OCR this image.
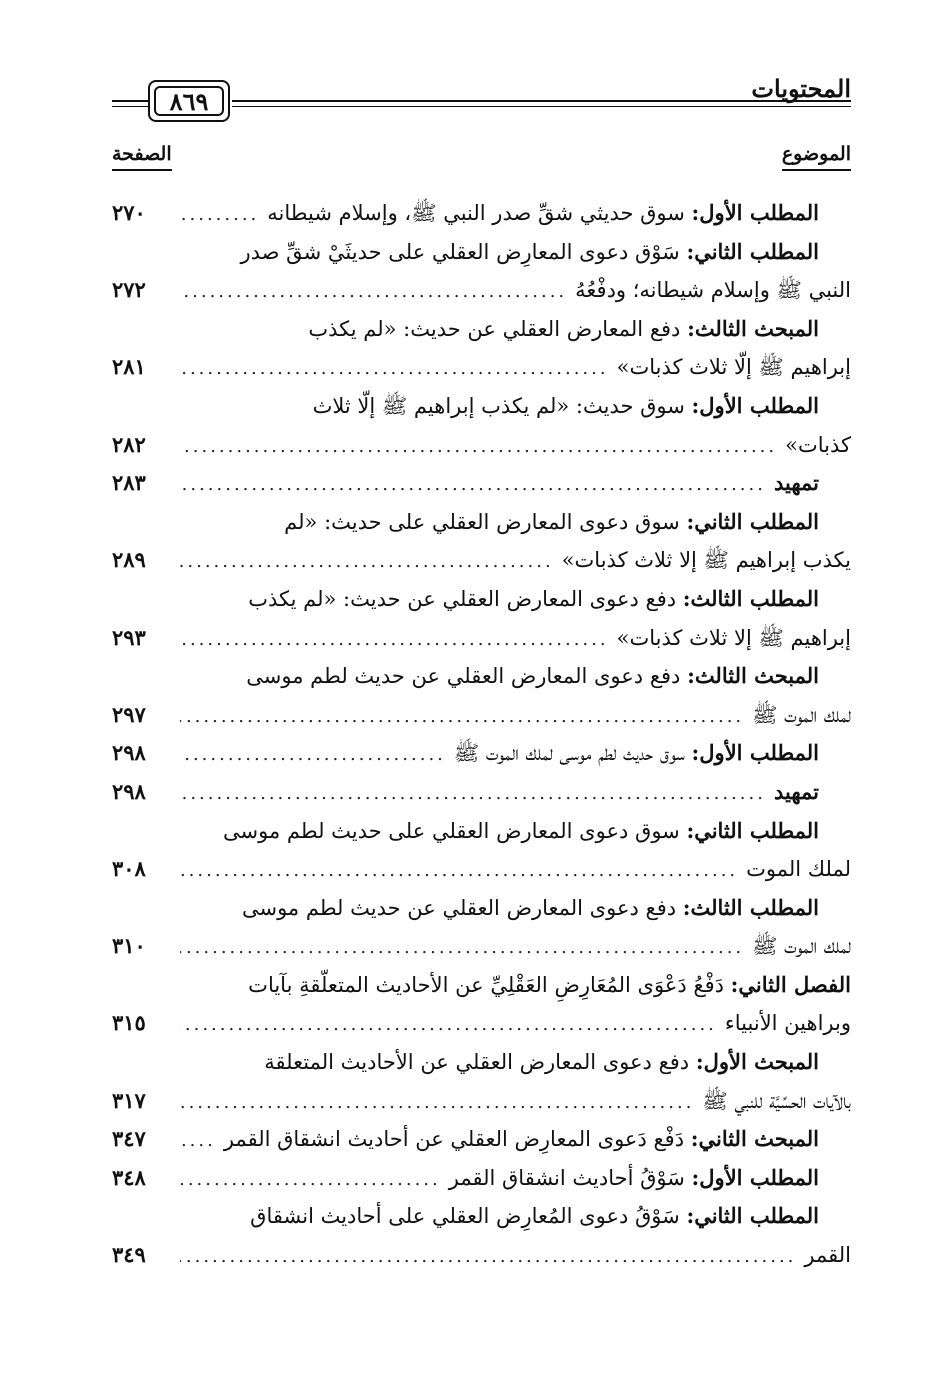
المحتويات
٨٦٩
الموضوع
الصفحة
المطلب الأول: سوق حديثي شقِّ صدر النبي ﷺ، وإسلام شيطانه
.....
٢٧٠
المطلب الثاني: سَوْق دعوى المعارِض العقلي على حديثَيْ شقِّ صدر
النبي ﷺ وإسلام شيطانه؛ ودفْعُهُ
.....
٢٧٢
المبحث الثالث: دفع المعارض العقلي عن حديث: «لم يكذب
إبراهيم ﷺ إلّا ثلاث كذبات»
.....
٢٨١
المطلب الأول: سوق حديث: «لم يكذب إبراهيم ﷺ إلّا ثلاث
كذبات»
.....
٢٨٢
تمهيد
.....
٢٨٣
المطلب الثاني: سوق دعوى المعارض العقلي على حديث: «لم
يكذب إبراهيم ﷺ إلا ثلاث كذبات»
.....
٢٨٩
المطلب الثالث: دفع دعوى المعارض العقلي عن حديث: «لم يكذب
إبراهيم ﷺ إلا ثلاث كذبات»
.....
٢٩٣
المبحث الثالث: دفع دعوى المعارض العقلي عن حديث لطم موسى
لملك الموت ﷺ
.....
٢٩٧
المطلب الأول: سوق حديث لطم موسى لملك الموت ﷺ
.....
٢٩٨
تمهيد
.....
٢٩٨
المطلب الثاني: سوق دعوى المعارض العقلي على حديث لطم موسى
لملك الموت
.....
٣٠٨
المطلب الثالث: دفع دعوى المعارض العقلي عن حديث لطم موسى
لملك الموت ﷺ
.....
٣١٠
الفصل الثاني: دَفْعُ دَعْوَى المُعَارِضِ العَقْلِيِّ عن الأحاديث المتعلّقةِ بآيات
وبراهين الأنبياء
.....
٣١٥
المبحث الأول: دفع دعوى المعارض العقلي عن الأحاديث المتعلقة
بالآيات الحسِّيَّة للنبي ﷺ
.....
٣١٧
المبحث الثاني: دَفْع دَعوى المعارِض العقلي عن أحاديث انشقاق القمر
.....
٣٤٧
المطلب الأول: سَوْقُ أحاديث انشقاق القمر
.....
٣٤٨
المطلب الثاني: سَوْقُ دعوى المُعارِض العقلي على أحاديث انشقاق
القمر
.....
٣٤٩
